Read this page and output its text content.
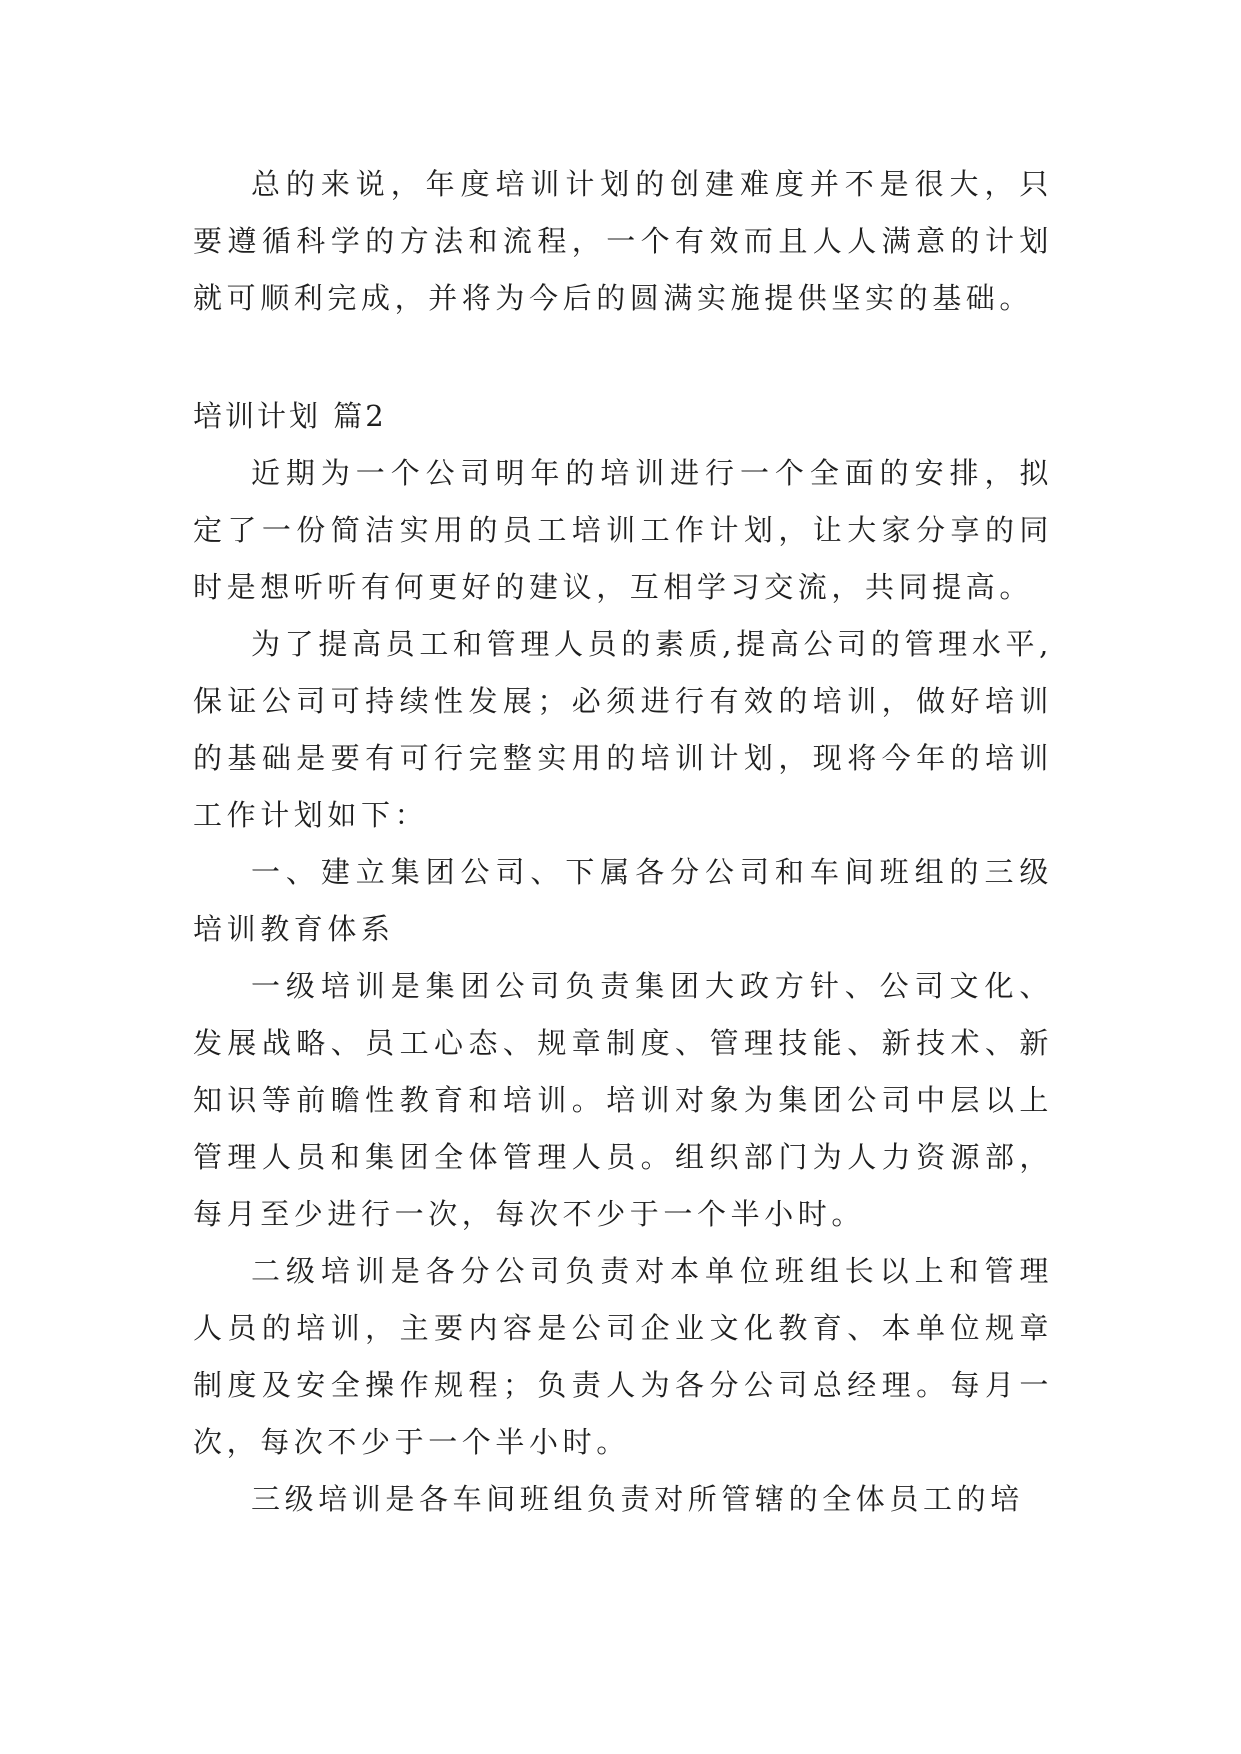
总的来说，年度培训计划的创建难度并不是很大，只要遵循科学的方法和流程，一个有效而且人人满意的计划就可顺利完成，并将为今后的圆满实施提供坚实的基础。

培训计划 篇2

近期为一个公司明年的培训进行一个全面的安排，拟定了一份简洁实用的员工培训工作计划，让大家分享的同时是想听听有何更好的建议，互相学习交流，共同提高。

为了提高员工和管理人员的素质,提高公司的管理水平,保证公司可持续性发展；必须进行有效的培训，做好培训的基础是要有可行完整实用的培训计划，现将今年的培训工作计划如下：

一、建立集团公司、下属各分公司和车间班组的三级培训教育体系

一级培训是集团公司负责集团大政方针、公司文化、发展战略、员工心态、规章制度、管理技能、新技术、新知识等前瞻性教育和培训。培训对象为集团公司中层以上管理人员和集团全体管理人员。组织部门为人力资源部，每月至少进行一次，每次不少于一个半小时。

二级培训是各分公司负责对本单位班组长以上和管理人员的培训，主要内容是公司企业文化教育、本单位规章制度及安全操作规程；负责人为各分公司总经理。每月一次，每次不少于一个半小时。

三级培训是各车间班组负责对所管辖的全体员工的培
